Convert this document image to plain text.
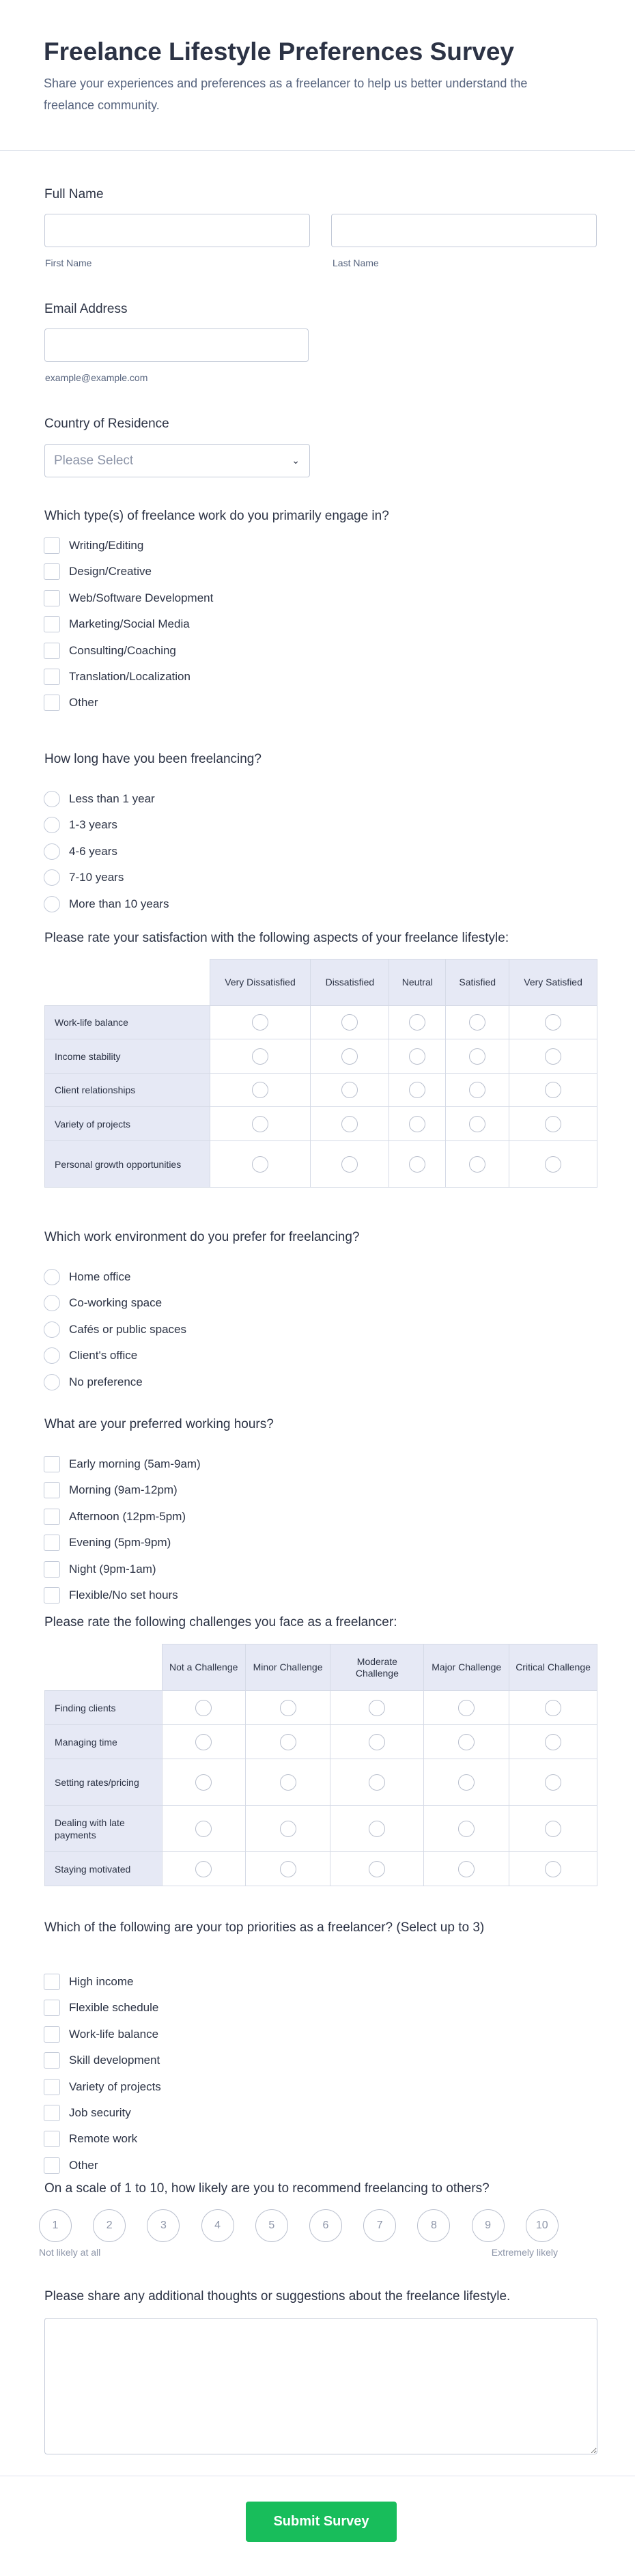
Freelance Lifestyle Preferences Survey
Share your experiences and preferences as a freelancer to help us better understand the freelance community.
Full Name
First Name	Last Name
Email Address
example@example.com
Country of Residence
Please Select	⌄
Which type(s) of freelance work do you primarily engage in?
Writing/Editing
Design/Creative
Web/Software Development
Marketing/Social Media
Consulting/Coaching
Translation/Localization
Other
How long have you been freelancing?
Less than 1 year
1-3 years
4-6 years
7-10 years
More than 10 years
Please rate your satisfaction with the following aspects of your freelance lifestyle:
	Very Dissatisfied	Dissatisfied	Neutral	Satisfied	Very Satisfied
Work-life balance	

Income stability	

Client relationships	

Variety of projects	

Personal growth opportunities	

Which work environment do you prefer for freelancing?
Home office
Co-working space
Cafés or public spaces
Client's office
No preference
What are your preferred working hours?
Early morning (5am-9am)
Morning (9am-12pm)
Afternoon (12pm-5pm)
Evening (5pm-9pm)
Night (9pm-1am)
Flexible/No set hours
Please rate the following challenges you face as a freelancer:
	Not a Challenge	Minor Challenge	Moderate Challenge	Major Challenge	Critical Challenge
Finding clients	

Managing time	

Setting rates/pricing	

Dealing with late payments	

Staying motivated	

Which of the following are your top priorities as a freelancer? (Select up to 3)
High income
Flexible schedule
Work-life balance
Skill development
Variety of projects
Job security
Remote work
Other
On a scale of 1 to 10, how likely are you to recommend freelancing to others?
1	2	3	4	5	6	7	8	9	10
Not likely at all	Extremely likely
Please share any additional thoughts or suggestions about the freelance lifestyle.
Submit Survey
